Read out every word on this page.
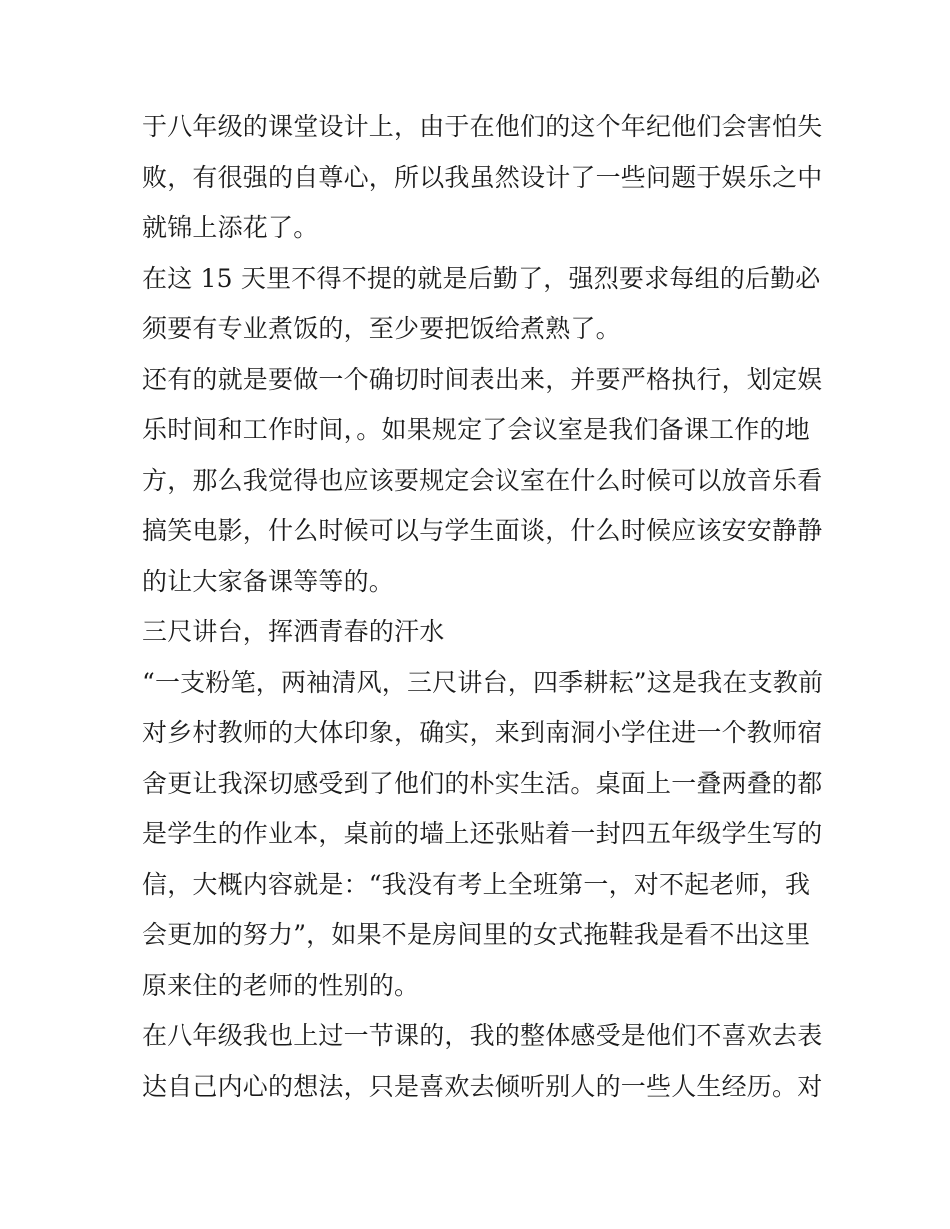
于八年级的课堂设计上，由于在他们的这个年纪他们会害怕失
败，有很强的自尊心，所以我虽然设计了一些问题于娱乐之中
就锦上添花了。

在这 15 天里不得不提的就是后勤了，强烈要求每组的后勤必
须要有专业煮饭的，至少要把饭给煮熟了。

还有的就是要做一个确切时间表出来，并要严格执行，划定娱
乐时间和工作时间，。如果规定了会议室是我们备课工作的地
方，那么我觉得也应该要规定会议室在什么时候可以放音乐看
搞笑电影，什么时候可以与学生面谈，什么时候应该安安静静
的让大家备课等等的。

三尺讲台，挥洒青春的汗水

“一支粉笔，两袖清风，三尺讲台，四季耕耘”这是我在支教前
对乡村教师的大体印象，确实，来到南洞小学住进一个教师宿
舍更让我深切感受到了他们的朴实生活。桌面上一叠两叠的都
是学生的作业本，桌前的墙上还张贴着一封四五年级学生写的
信，大概内容就是：“我没有考上全班第一，对不起老师，我
会更加的努力”，如果不是房间里的女式拖鞋我是看不出这里
原来住的老师的性别的。

在八年级我也上过一节课的，我的整体感受是他们不喜欢去表
达自己内心的想法，只是喜欢去倾听别人的一些人生经历。对
